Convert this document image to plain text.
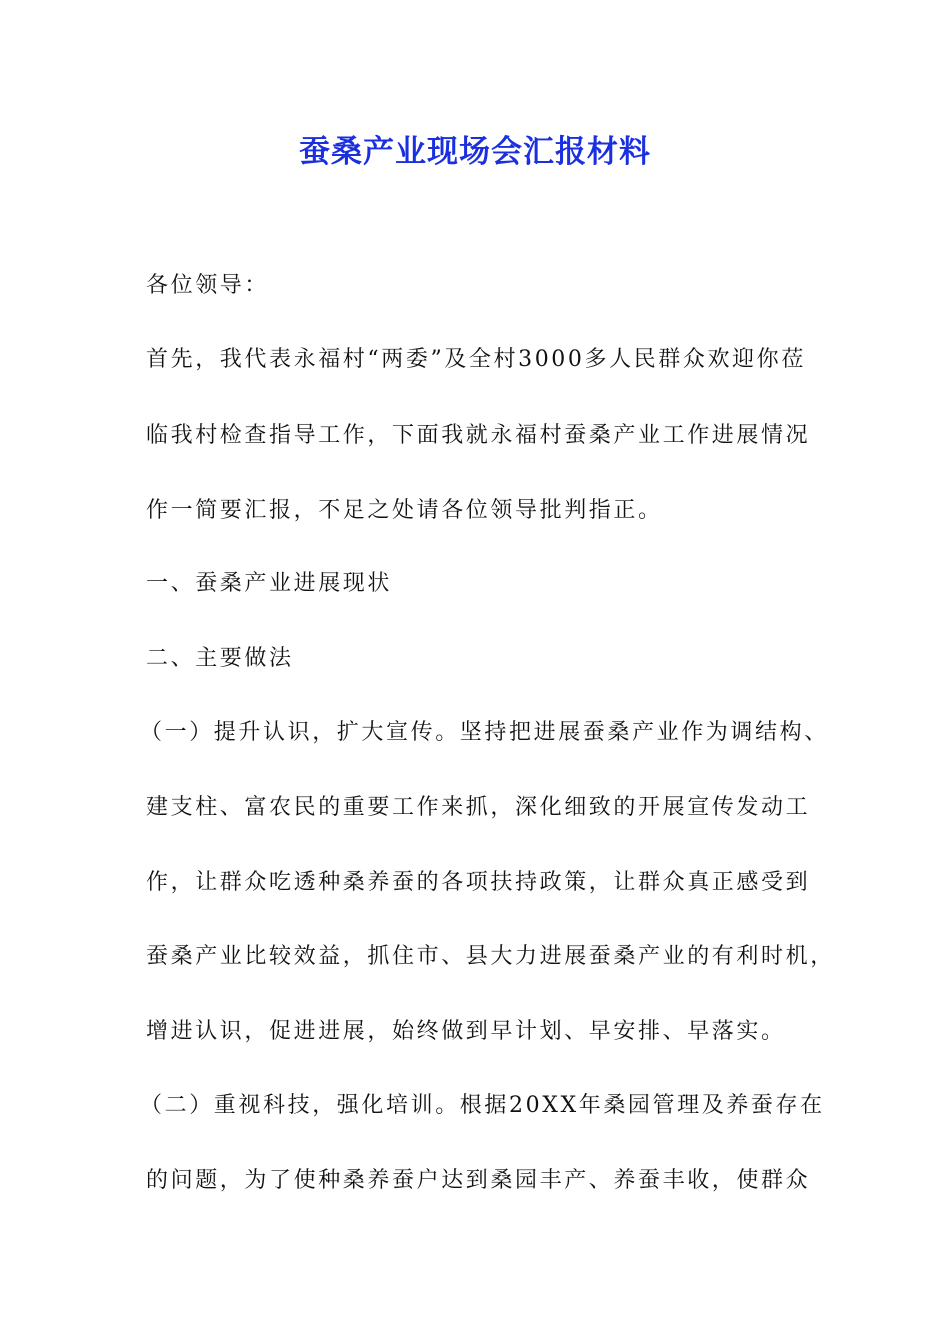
蚕桑产业现场会汇报材料
各位领导：
首先，我代表永福村“两委”及全村3000多人民群众欢迎你莅
临我村检查指导工作，下面我就永福村蚕桑产业工作进展情况
作一简要汇报，不足之处请各位领导批判指正。
一、蚕桑产业进展现状
二、主要做法
（一）提升认识，扩大宣传。坚持把进展蚕桑产业作为调结构、
建支柱、富农民的重要工作来抓，深化细致的开展宣传发动工
作，让群众吃透种桑养蚕的各项扶持政策，让群众真正感受到
蚕桑产业比较效益，抓住市、县大力进展蚕桑产业的有利时机，
增进认识，促进进展，始终做到早计划、早安排、早落实。
（二）重视科技，强化培训。根据20XX年桑园管理及养蚕存在
的问题，为了使种桑养蚕户达到桑园丰产、养蚕丰收，使群众
